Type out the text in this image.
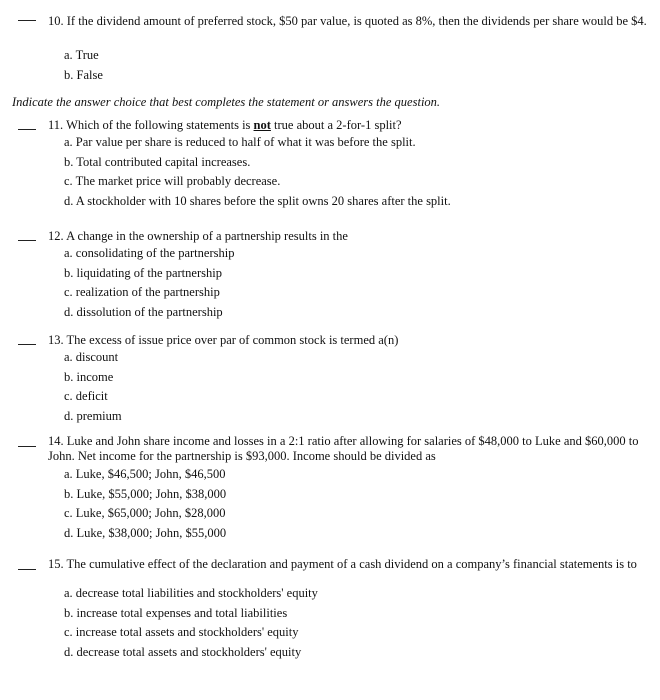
10. If the dividend amount of preferred stock, $50 par value, is quoted as 8%, then the dividends per share would be $4.
a. True
b. False
Indicate the answer choice that best completes the statement or answers the question.
11. Which of the following statements is not true about a 2-for-1 split?
a. Par value per share is reduced to half of what it was before the split.
b. Total contributed capital increases.
c. The market price will probably decrease.
d. A stockholder with 10 shares before the split owns 20 shares after the split.
12. A change in the ownership of a partnership results in the
a. consolidating of the partnership
b. liquidating of the partnership
c. realization of the partnership
d. dissolution of the partnership
13. The excess of issue price over par of common stock is termed a(n)
a. discount
b. income
c. deficit
d. premium
14. Luke and John share income and losses in a 2:1 ratio after allowing for salaries of $48,000 to Luke and $60,000 to John. Net income for the partnership is $93,000. Income should be divided as
a. Luke, $46,500; John, $46,500
b. Luke, $55,000; John, $38,000
c. Luke, $65,000; John, $28,000
d. Luke, $38,000; John, $55,000
15. The cumulative effect of the declaration and payment of a cash dividend on a company’s financial statements is to
a. decrease total liabilities and stockholders' equity
b. increase total expenses and total liabilities
c. increase total assets and stockholders' equity
d. decrease total assets and stockholders' equity
